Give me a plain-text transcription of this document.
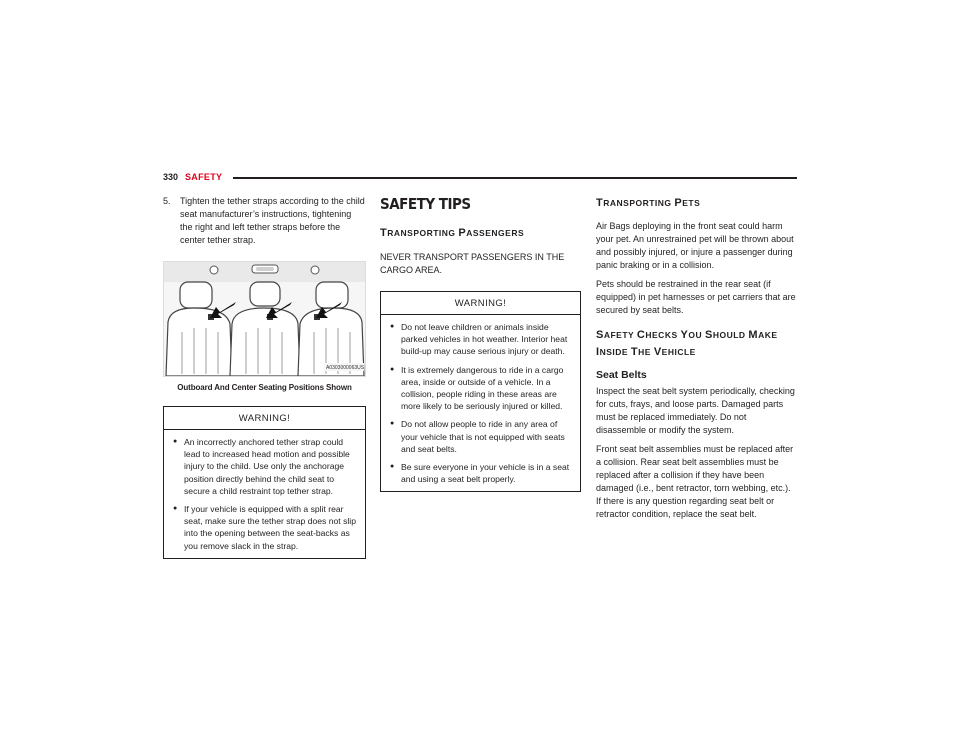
330 SAFETY
5.	Tighten the tether straps according to the child seat manufacturer’s instructions, tightening the right and left tether straps before the center tether strap.
A0303000063US
Outboard And Center Seating Positions Shown
WARNING!
● An incorrectly anchored tether strap could lead to increased head motion and possible injury to the child. Use only the anchorage position directly behind the child seat to secure a child restraint top tether strap.
● If your vehicle is equipped with a split rear seat, make sure the tether strap does not slip into the opening between the seat-backs as you remove slack in the strap.
SAFETY TIPS
TRANSPORTING PASSENGERS

NEVER TRANSPORT PASSENGERS IN THE CARGO AREA.

WARNING!
● Do not leave children or animals inside parked vehicles in hot weather. Interior heat build-up may cause serious injury or death.
● It is extremely dangerous to ride in a cargo area, inside or outside of a vehicle. In a collision, people riding in these areas are more likely to be seriously injured or killed.
● Do not allow people to ride in any area of your vehicle that is not equipped with seats and seat belts.
● Be sure everyone in your vehicle is in a seat and using a seat belt properly.
TRANSPORTING PETS

Air Bags deploying in the front seat could harm your pet. An unrestrained pet will be thrown about and possibly injured, or injure a passenger during panic braking or in a collision.

Pets should be restrained in the rear seat (if equipped) in pet harnesses or pet carriers that are secured by seat belts.

SAFETY CHECKS YOU SHOULD MAKE
INSIDE THE VEHICLE
Seat Belts

Inspect the seat belt system periodically, checking for cuts, frays, and loose parts. Damaged parts must be replaced immediately. Do not disassemble or modify the system.

Front seat belt assemblies must be replaced after a collision. Rear seat belt assemblies must be replaced after a collision if they have been damaged (i.e., bent retractor, torn webbing, etc.). If there is any question regarding seat belt or retractor condition, replace the seat belt.
